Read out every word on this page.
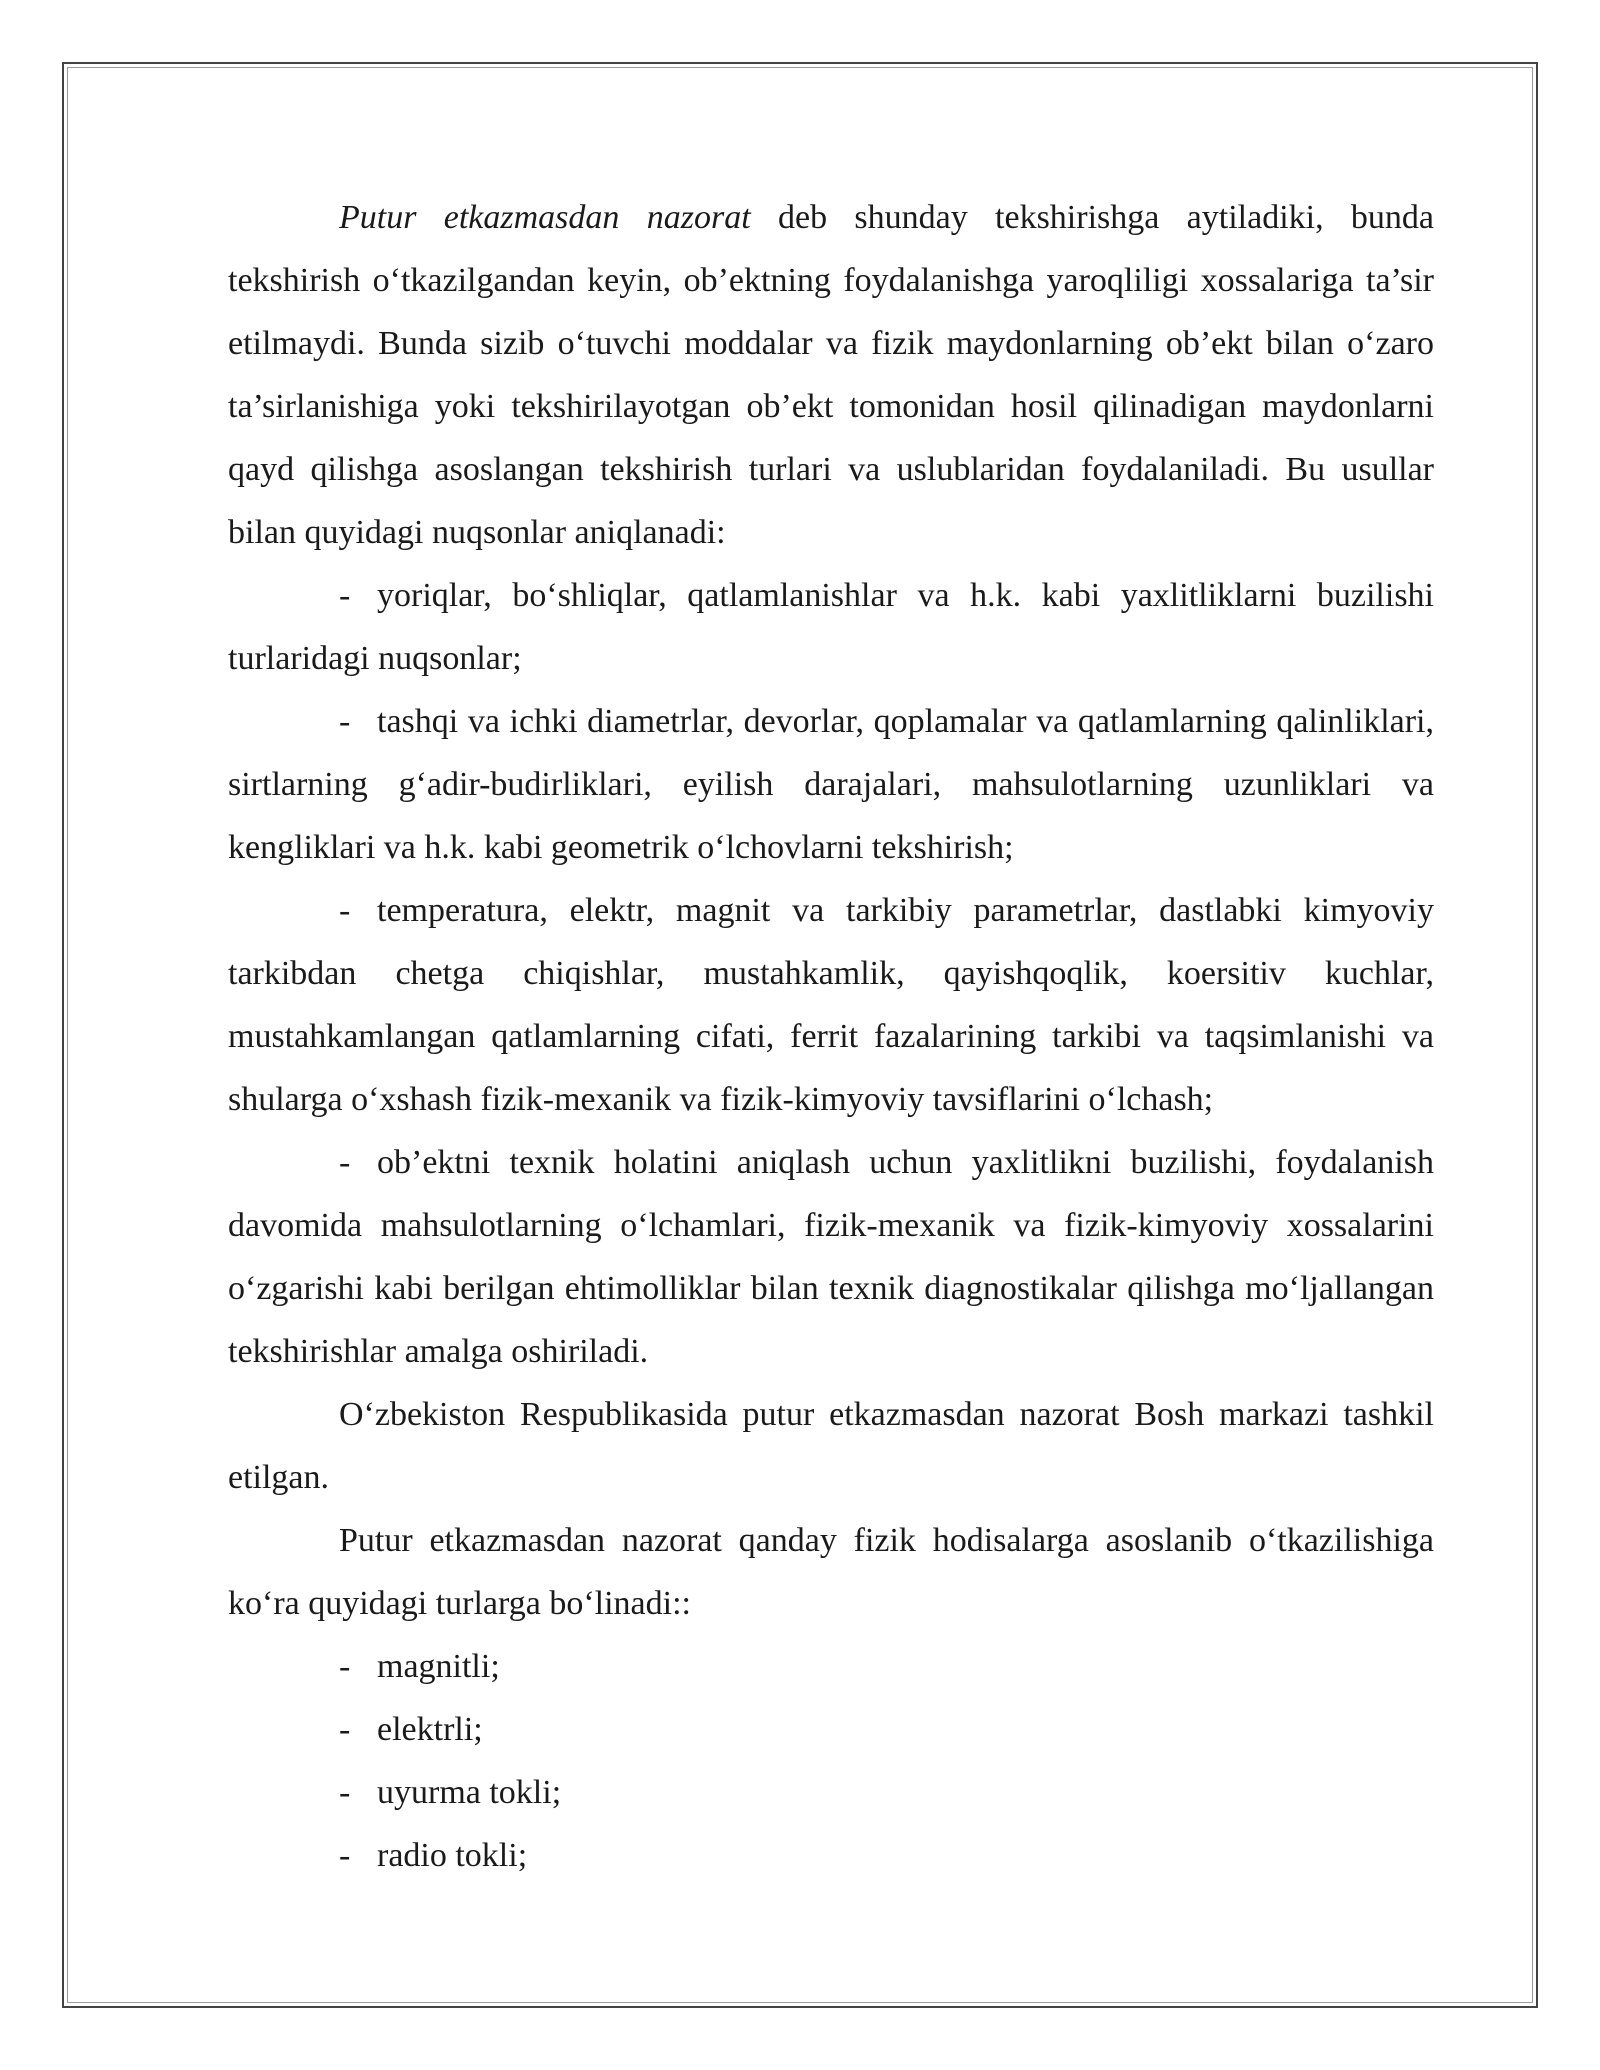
Putur etkazmasdan nazorat deb shunday tekshirishga aytiladiki, bunda tekshirish o‘tkazilgandan keyin, ob’ektning foydalanishga yaroqliligi xossalariga ta’sir etilmaydi. Bunda sizib o‘tuvchi moddalar va fizik maydonlarning ob’ekt bilan o‘zaro ta’sirlanishiga yoki tekshirilayotgan ob’ekt tomonidan hosil qilinadigan maydonlarni qayd qilishga asoslangan tekshirish turlari va uslublaridan foydalaniladi. Bu usullar bilan quyidagi nuqsonlar aniqlanadi:

- yoriqlar, bo‘shliqlar, qatlamlanishlar va h.k. kabi yaxlitliklarni buzilishi turlaridagi nuqsonlar;

- tashqi va ichki diametrlar, devorlar, qoplamalar va qatlamlarning qalinliklari, sirtlarning g‘adir-budirliklari, eyilish darajalari, mahsulotlarning uzunliklari va kengliklari va h.k. kabi geometrik o‘lchovlarni tekshirish;

- temperatura, elektr, magnit va tarkibiy parametrlar, dastlabki kimyoviy tarkibdan chetga chiqishlar, mustahkamlik, qayishqoqlik, koersitiv kuchlar, mustahkamlangan qatlamlarning cifati, ferrit fazalarining tarkibi va taqsimlanishi va shularga o‘xshash fizik-mexanik va fizik-kimyoviy tavsiflarini o‘lchash;

- ob’ektni texnik holatini aniqlash uchun yaxlitlikni buzilishi, foydalanish davomida mahsulotlarning o‘lchamlari, fizik-mexanik va fizik-kimyoviy xossalarini o‘zgarishi kabi berilgan ehtimolliklar bilan texnik diagnostikalar qilishga mo‘ljallangan tekshirishlar amalga oshiriladi.

O‘zbekiston Respublikasida putur etkazmasdan nazorat Bosh markazi tashkil etilgan.

Putur etkazmasdan nazorat qanday fizik hodisalarga asoslanib o‘tkazilishiga ko‘ra quyidagi turlarga bo‘linadi::

- magnitli;

- elektrli;

- uyurma tokli;

- radio tokli;
